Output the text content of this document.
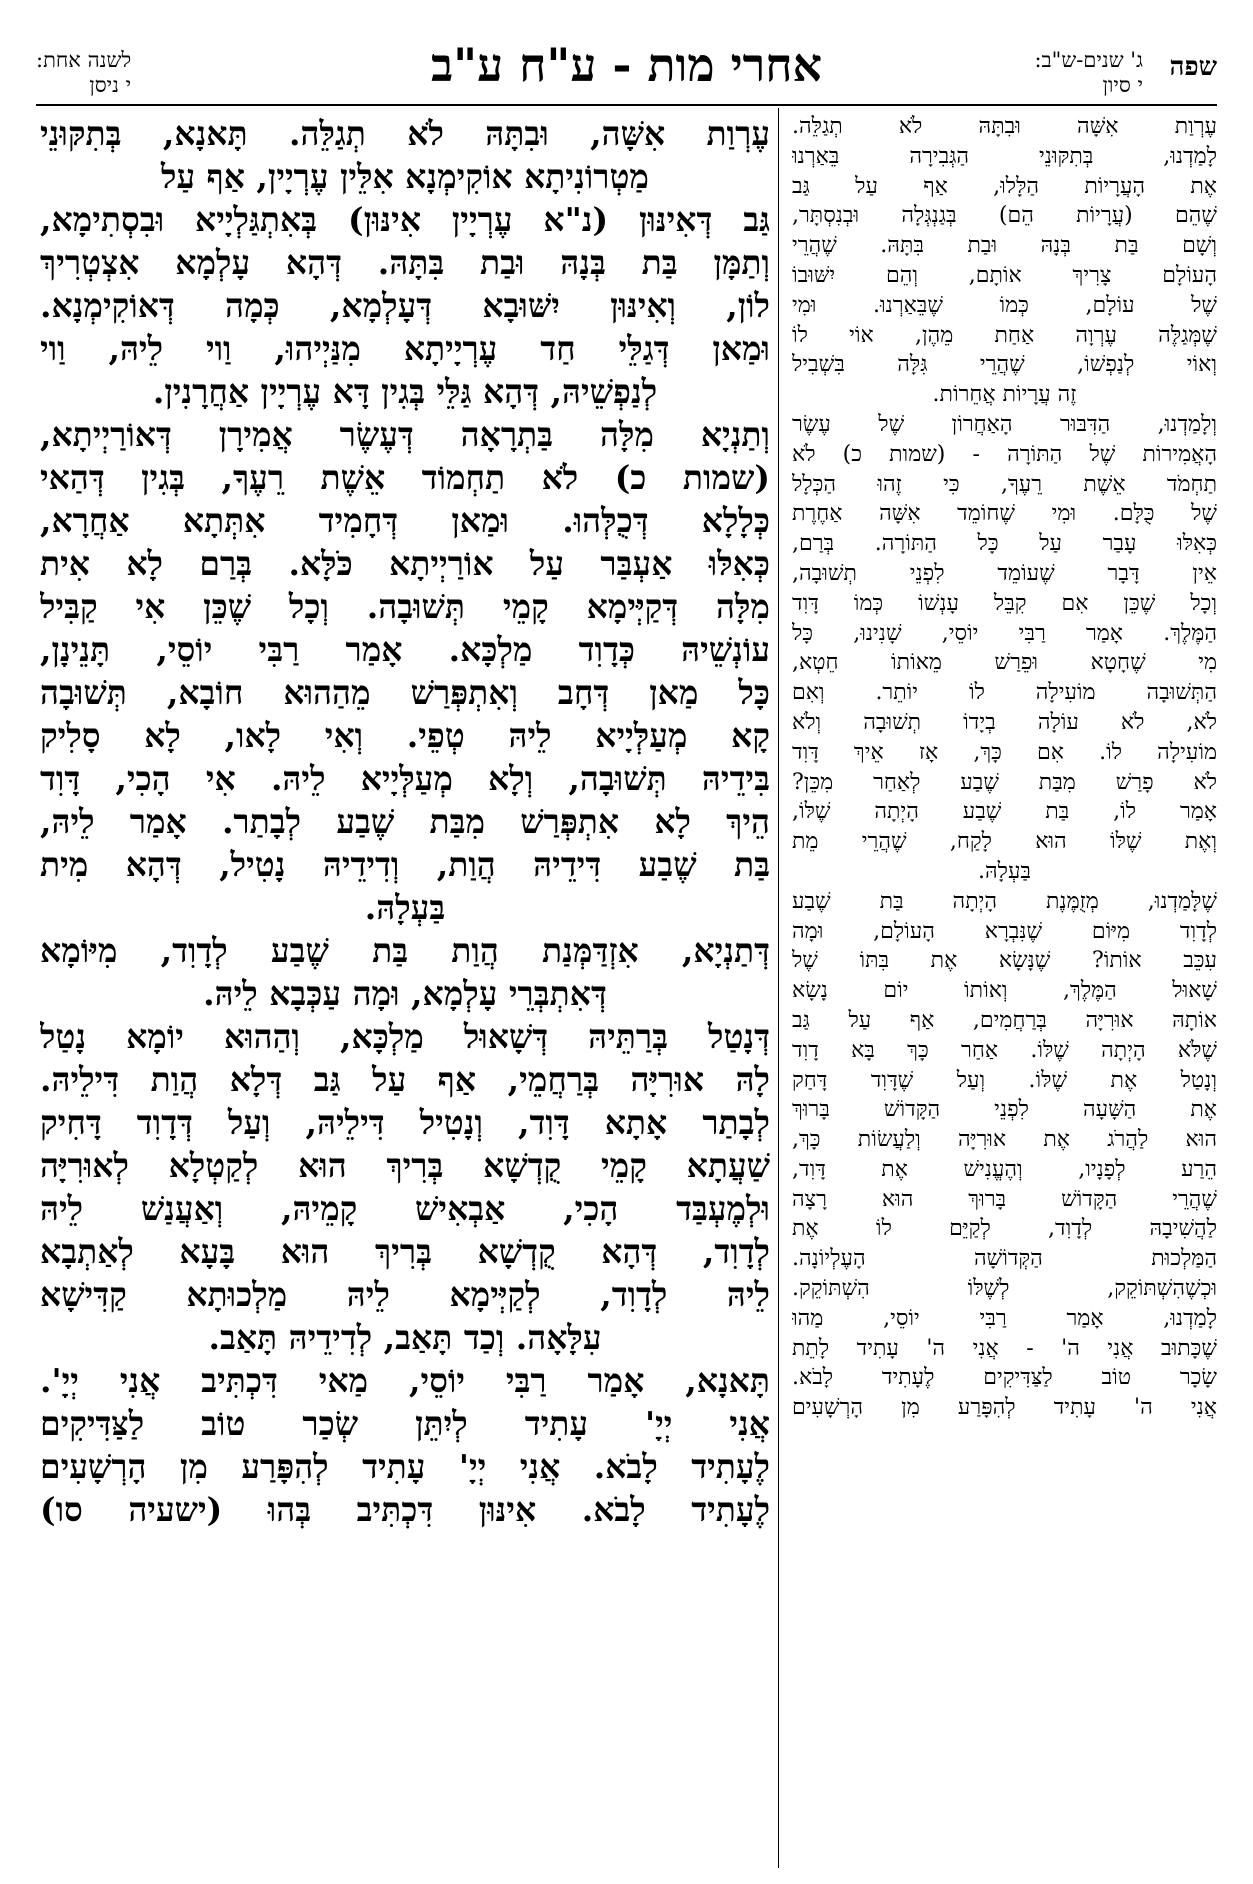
שפה
ג' שנים-ש"ב:
י סיון
אחרי מות - ע"ח ע"ב
לשנה אחת:
י ניסן
עֶרְוַת אִשָּׁה, וּבִתָּהּ לֹא תְגַלֵּה. תָּאנָא, בְּתִקּוּנֵי
מַטְרוֹנִיתָא אוֹקִימְנָא אִלֵּין עֶרְיָין, אַף עַל
גַּב דְּאִינּוּן (נ"א עֶרְיָין אִינּוּן) בְּאִתְגַּלְיָיא וּבִסְתִימָא,
וְתַמָּן בַּת בְּנָהּ וּבַת בִּתָּהּ. דְּהָא עָלְמָא אִצְטְרִיךְ
לוֹן, וְאִינּוּן יִשּׁוּבָא דְּעָלְמָא, כְּמָה דְּאוֹקִימְנָא.
וּמַאן דְּגַלֵּי חַד עֶרְיָיתָא מִנַּיְיהוּ, וַוי לֵיהּ, וַוי
לְנַפְשֵׁיהּ, דְּהָא גַּלֵּי בְּגִין דָּא עֶרְיָין אַחֲרָנִין.
וְתַנְיָא מִלָּה בַּתְרָאָה דְּעֶשֶׂר אֲמִירָן דְּאוֹרַיְיתָא,
(שמות כ) לֹא תַחְמוֹד אֵשֶׁת רֵעֶךָ, בְּגִין דְּהַאי
כְּלָלָא דְּכֻלְּהוּ. וּמַאן דְּחָמִיד אִתְּתָא אַחֲרָא,
כְּאִלּוּ אַעְבַּר עַל אוֹרַיְיתָא כֹּלָּא. בְּרַם לָא אִית
מִלָּה דְּקַיְּימָא קָמֵי תְּשׁוּבָה. וְכָל שֶׁכֵּן אִי קַבִּיל
עוֹנְשֵׁיהּ כְּדָוִד מַלְכָּא. אָמַר רַבִּי יוֹסֵי, תָּנֵינָן,
כָּל מַאן דְּחָב וְאִתְפְּרַשׁ מֵהַהוּא חוֹבָא, תְּשׁוּבָה
קָא מְעַלְּיָיא לֵיהּ טְפֵי. וְאִי לָאו, לָא סָלִיק
בִּידֵיהּ תְּשׁוּבָה, וְלָא מְעַלְּיָיא לֵיהּ. אִי הָכִי, דָּוִד
הֵיךְ לָא אִתְפְּרַשׁ מִבַּת שֶׁבַע לְבָתַר. אָמַר לֵיהּ,
בַּת שֶׁבַע דִּידֵיהּ הֲוַת, וְדִידֵיהּ נָטִיל, דְּהָא מִית
בַּעְלָהּ.
דְּתַנְיָא, אִזְדַּמְּנַת הֲוַת בַּת שֶׁבַע לְדָוִד, מִיּוֹמָא
דְּאִתְבְּרֵי עָלְמָא, וּמָה עַכְּבָא לֵיהּ.
דְּנָטַל בְּרַתֵּיהּ דְּשָׁאוּל מַלְכָּא, וְהַהוּא יוֹמָא נָטַל
לָהּ אוּרִיָּה בְּרַחֲמֵי, אַף עַל גַּב דְּלָא הֲוַת דִּילֵיהּ.
לְבָתַר אָתָא דָּוִד, וְנָטִיל דִּילֵיהּ, וְעַל דְּדָוִד דָּחִיק
שַׁעֲתָא קָמֵי קֻדְשָׁא בְּרִיךְ הוּא לְקַטְלָא לְאוּרִיָּה
וּלְמֶעְבַּד הָכִי, אַבְאִישׁ קָמֵיהּ, וְאַעֲנַשׁ לֵיהּ
לְדָוִד, דְּהָא קֻדְשָׁא בְּרִיךְ הוּא בָּעָא לְאַתְבָא
לֵיהּ לְדָוִד, לְקַיְּימָא לֵיהּ מַלְכוּתָא קַדִּישָׁא
עִלָּאָה. וְכַד תָּאַב, לְדִידֵיהּ תָּאַב.
תָּאנָא, אָמַר רַבִּי יוֹסֵי, מַאי דִּכְתִּיב אֲנִי יְיָ'.
אֲנִי יְיָ' עָתִיד לְיִתֵּן שְׂכַר טוֹב לַצַּדִּיקִים
לֶעָתִיד לָבֹא. אֲנִי יְיָ' עָתִיד לְהִפָּרַע מִן הָרְשָׁעִים
לֶעָתִיד לָבֹא. אִינּוּן דִּכְתִּיב בְּהוּ (ישעיה סו)
עֶרְוַת אִשָּׁה וּבִתָּהּ לֹא תְגַלֵּה.
לָמַדְנוּ, בְּתִקּוּנֵי הַגְּבִירָה בֵּאַרְנוּ
אֶת הָעֲרָיוֹת הַלָּלוּ, אַף עַל גַּב
שֶׁהֵם (עֲרָיוֹת הֵם) בְּגַנְגְּלָה וּבְנִסְתָּר,
וְשָׁם בַּת בְּנָהּ וּבַת בִּתָּהּ. שֶׁהֲרֵי
הָעוֹלָם צָרִיךְ אוֹתָם, וְהֵם יִשּׁוּבוֹ
שֶׁל עוֹלָם, כְּמוֹ שֶׁבֵּאַרְנוּ. וּמִי
שֶׁמְּגַלֶּה עֶרְוָה אַחַת מֵהֶן, אוֹי לוֹ
וְאוֹי לְנַפְשׁוֹ, שֶׁהֲרֵי גִּלָּה בִּשְׁבִיל
זֶה עֲרָיוֹת אֲחֵרוֹת.
וְלָמַדְנוּ, הַדִּבּוּר הָאַחֲרוֹן שֶׁל עֶשֶׂר
הָאֲמִירוֹת שֶׁל הַתּוֹרָה - (שמות כ) לֹא
תַחְמֹד אֵשֶׁת רֵעֶךָ, כִּי זֶהוּ הַכְּלָל
שֶׁל כֻּלָּם. וּמִי שֶׁחוֹמֵד אִשָּׁה אַחֶרֶת
כְּאִלּוּ עָבַר עַל כָּל הַתּוֹרָה. בְּרַם,
אֵין דָּבָר שֶׁעוֹמֵד לִפְנֵי תְשׁוּבָה,
וְכָל שֶׁכֵּן אִם קִבֵּל עָנְשׁוֹ כְּמוֹ דָּוִד
הַמֶּלֶךְ. אָמַר רַבִּי יוֹסֵי, שָׁנִינוּ, כָּל
מִי שֶׁחָטָא וּפֵרַשׁ מֵאוֹתוֹ חֵטְא,
הַתְּשׁוּבָה מוֹעִילָה לוֹ יוֹתֵר. וְאִם
לֹא, לֹא עוֹלָה בְיָדוֹ תְשׁוּבָה וְלֹא
מוֹעִילָה לוֹ. אִם כָּךְ, אָז אֵיךְ דָּוִד
לֹא פָרַשׁ מִבַּת שֶׁבַע לְאַחַר מִכֵּן?
אָמַר לוֹ, בַּת שֶׁבַע הָיְתָה שֶׁלּוֹ,
וְאֶת שֶׁלּוֹ הוּא לָקַח, שֶׁהֲרֵי מֵת
בַּעְלָהּ.
שֶׁלָּמַדְנוּ, מְזֻמֶּנֶת הָיְתָה בַּת שֶׁבַע
לְדָוִד מִיּוֹם שֶׁנִּבְרָא הָעוֹלָם, וּמָה
עִכֵּב אוֹתוֹ? שֶׁנָּשָׂא אֶת בִּתּוֹ שֶׁל
שָׁאוּל הַמֶּלֶךְ, וְאוֹתוֹ יוֹם נָשָׂא
אוֹתָהּ אוּרִיָּה בְּרַחֲמִים, אַף עַל גַּב
שֶׁלֹּא הָיְתָה שֶׁלּוֹ. אַחַר כָּךְ בָּא דָוִד
וְנָטַל אֶת שֶׁלּוֹ. וְעַל שֶׁדָּוִד דָּחַק
אֶת הַשָּׁעָה לִפְנֵי הַקָּדוֹשׁ בָּרוּךְ
הוּא לַהֲרֹג אֶת אוּרִיָּה וְלַעֲשׂוֹת כָּךְ,
הֵרַע לְפָנָיו, וְהֶעֱנִישׁ אֶת דָּוִד,
שֶׁהֲרֵי הַקָּדוֹשׁ בָּרוּךְ הוּא רָצָה
לַהֲשִׁיבָהּ לְדָוִד, לְקַיֵּם לוֹ אֶת
הַמַּלְכוּת הַקְּדוֹשָׁה הָעֶלְיוֹנָה.
וּכְשֶׁהִשְׁתּוֹקֵק, לְשֶׁלּוֹ הִשְׁתּוֹקֵק.
לָמַדְנוּ, אָמַר רַבִּי יוֹסֵי, מַהוּ
שֶׁכָּתוּב אֲנִי ה' - אֲנִי ה' עָתִיד לָתֵת
שָׂכָר טוֹב לַצַּדִּיקִים לֶעָתִיד לָבֹא.
אֲנִי ה' עָתִיד לְהִפָּרַע מִן הָרְשָׁעִים
